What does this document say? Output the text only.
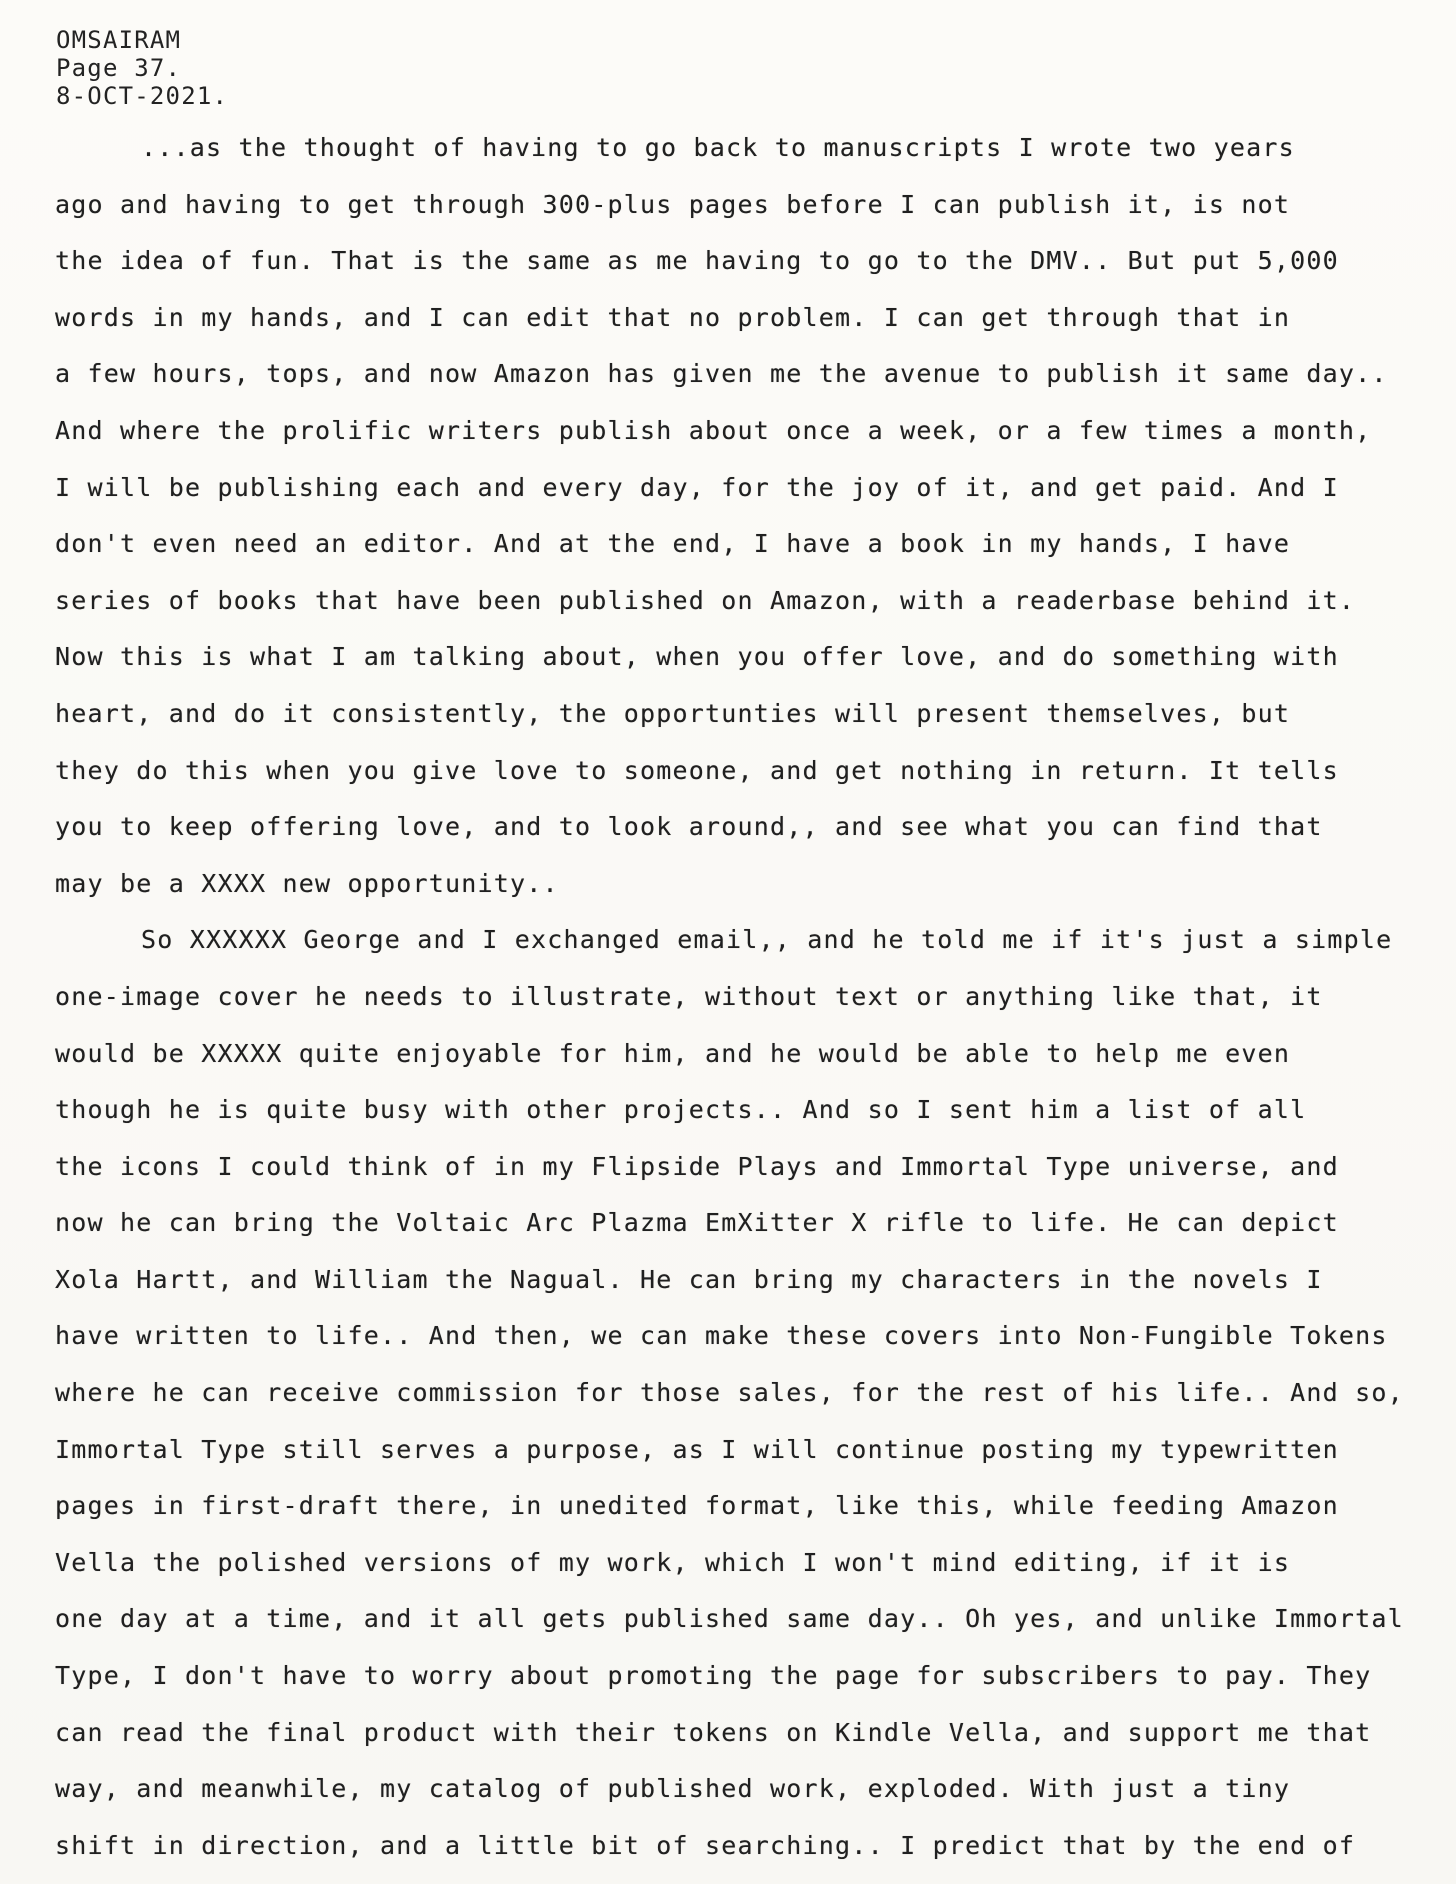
OMSAIRAM
Page 37.
8-OCT-2021.
...as the thought of having to go back to manuscripts I wrote two years
ago and having to get through 300-plus pages before I can publish it, is not
the idea of fun. That is the same as me having to go to the DMV.. But put 5,000
words in my hands, and I can edit that no problem. I can get through that in
a few hours, tops, and now Amazon has given me the avenue to publish it same day..
And where the prolific writers publish about once a week, or a few times a month,
I will be publishing each and every day, for the joy of it, and get paid. And I
don't even need an editor. And at the end, I have a book in my hands, I have
series of books that have been published on Amazon, with a readerbase behind it.
Now this is what I am talking about, when you offer love, and do something with
heart, and do it consistently, the opportunties will present themselves, but
they do this when you give love to someone, and get nothing in return. It tells
you to keep offering love, and to look around,, and see what you can find that
may be a XXXX new opportunity..
So XXXXXX George and I exchanged email,, and he told me if it's just a simple
one-image cover he needs to illustrate, without text or anything like that, it
would be XXXXX quite enjoyable for him, and he would be able to help me even
though he is quite busy with other projects.. And so I sent him a list of all
the icons I could think of in my Flipside Plays and Immortal Type universe, and
now he can bring the Voltaic Arc Plazma EmXitter X rifle to life. He can depict
Xola Hartt, and William the Nagual. He can bring my characters in the novels I
have written to life.. And then, we can make these covers into Non-Fungible Tokens
where he can receive commission for those sales, for the rest of his life.. And so,
Immortal Type still serves a purpose, as I will continue posting my typewritten
pages in first-draft there, in unedited format, like this, while feeding Amazon
Vella the polished versions of my work, which I won't mind editing, if it is
one day at a time, and it all gets published same day.. Oh yes, and unlike Immortal
Type, I don't have to worry about promoting the page for subscribers to pay. They
can read the final product with their tokens on Kindle Vella, and support me that
way, and meanwhile, my catalog of published work, exploded. With just a tiny
shift in direction, and a little bit of searching.. I predict that by the end of
